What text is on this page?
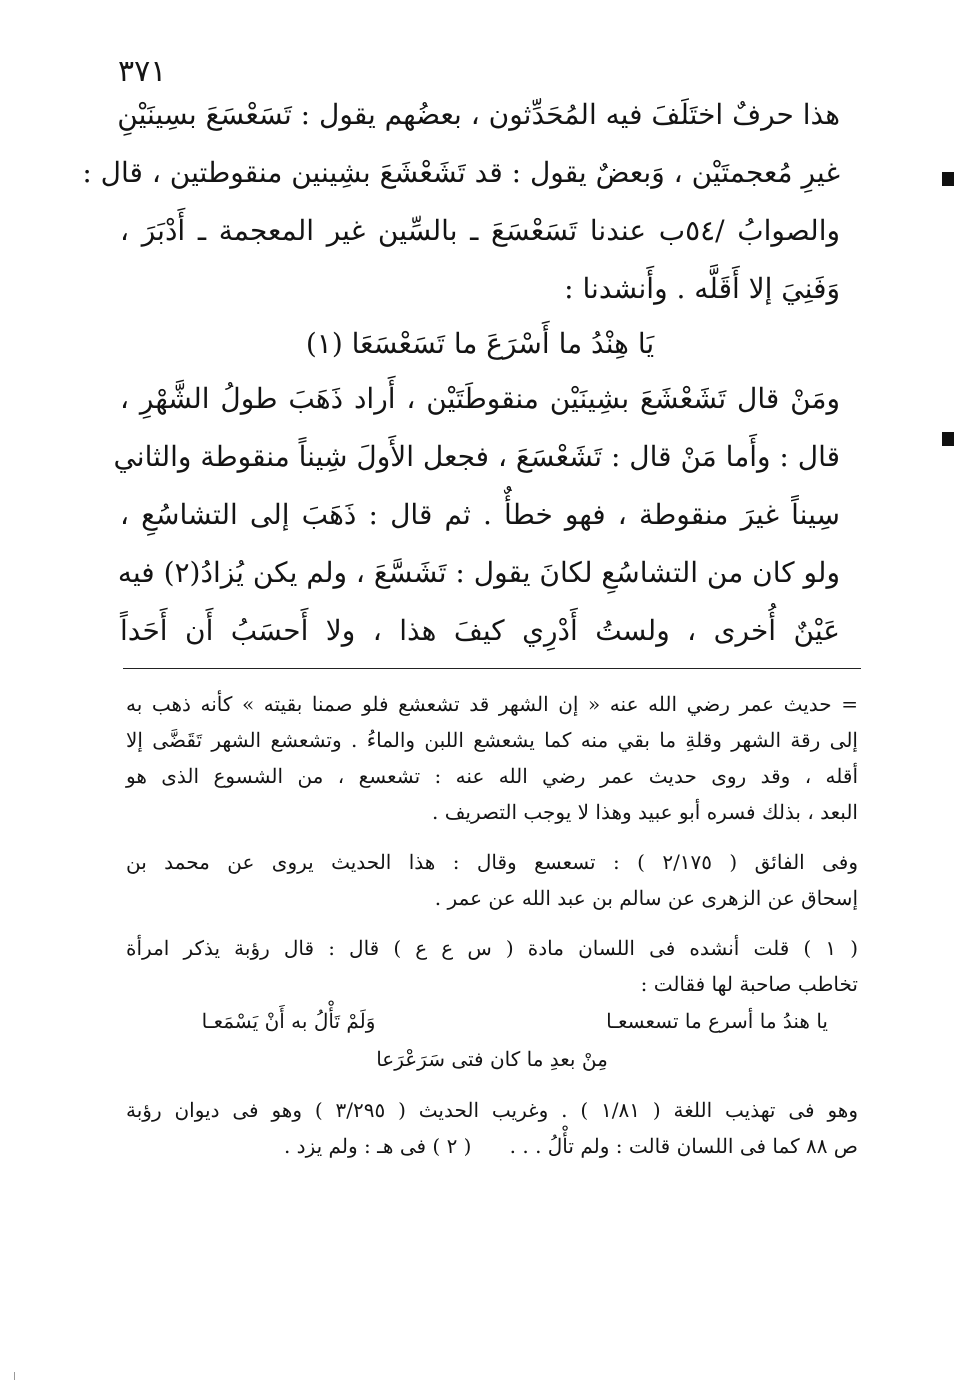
٣٧١
هذا حرفٌ اختَلَفَ فيه المُحَدِّثون ، بعضُهم يقول : تَسَعْسَعَ بسِينَيْنِ
غيرِ مُعجمتَيْن ، وَبعضٌ يقول : قد تَشَعْشَعَ بشِينين منقوطتين ، قال :
والصوابُ /٥٤ب عندنا تَسَعْسَعَ ـ بالسِّين غير المعجمة ـ أَدْبَرَ ،
وَفَنِيَ إلا أَقَلَّه . وأَنشدنا :
يَا هِنْدُ ما أَسْرَعَ ما تَسَعْسَعَا (١)
ومَنْ قال تَشَعْشَعَ بشِينَيْن منقوطَتَيْن ، أَراد ذَهَبَ طولُ الشَّهْرِ ،
قال : وأَما مَنْ قال : تَشَعْسَعَ ، فجعل الأَولَ شِيناً منقوطة والثاني
سِيناً غيرَ منقوطة ، فهو خطأٌ . ثم قال : ذَهَبَ إلى التشاسُعِ ،
ولو كان من التشاسُعِ لكانَ يقول : تَشَسَّعَ ، ولم يكن يُزادُ(٢) فيه
عَيْنٌ أُخرى ، ولستُ أَدْرِي كيفَ هذا ، ولا أَحسَبُ أَن أَحَداً
= حديث عمر رضي الله عنه « إن الشهر قد تشعشع فلو صمنا بقيته » كأنه ذهب به
إلى رقة الشهر وقلةِ ما بقي منه كما يشعشع اللبن والماءُ . وتشعشع الشهر تَقَضَّى إلا
أقله ، وقد روى حديث عمر رضي الله عنه : تشعسع ، من الشسوع الذى هو
البعد ، بذلك فسره أبو عبيد وهذا لا يوجب التصريف .
وفى الفائق ( ٢/١٧٥ ) : تسعسع وقال : هذا الحديث يروى عن محمد بن
إسحاق عن الزهرى عن سالم بن عبد الله عن عمر .
( ١ ) قلت أنشده فى اللسان مادة ( س ع ع ) قال : قال رؤبة يذكر امرأة
تخاطب صاحبة لها فقالت :
يا هندُ ما أسرع ما تسعسعـا وَلَمْ تَأْلُ به أَنْ يَسْمَعـا
مِنْ بعدِ ما كان فتى سَرَعْرَعا
وهو فى تهذيب اللغة ( ١/٨١ ) . وغريب الحديث ( ٣/٢٩٥ ) وهو فى ديوان رؤبة
ص ٨٨ كما فى اللسان قالت : ولم تأْلُ . . .      ( ٢ ) فى هـ : ولم يزد .
